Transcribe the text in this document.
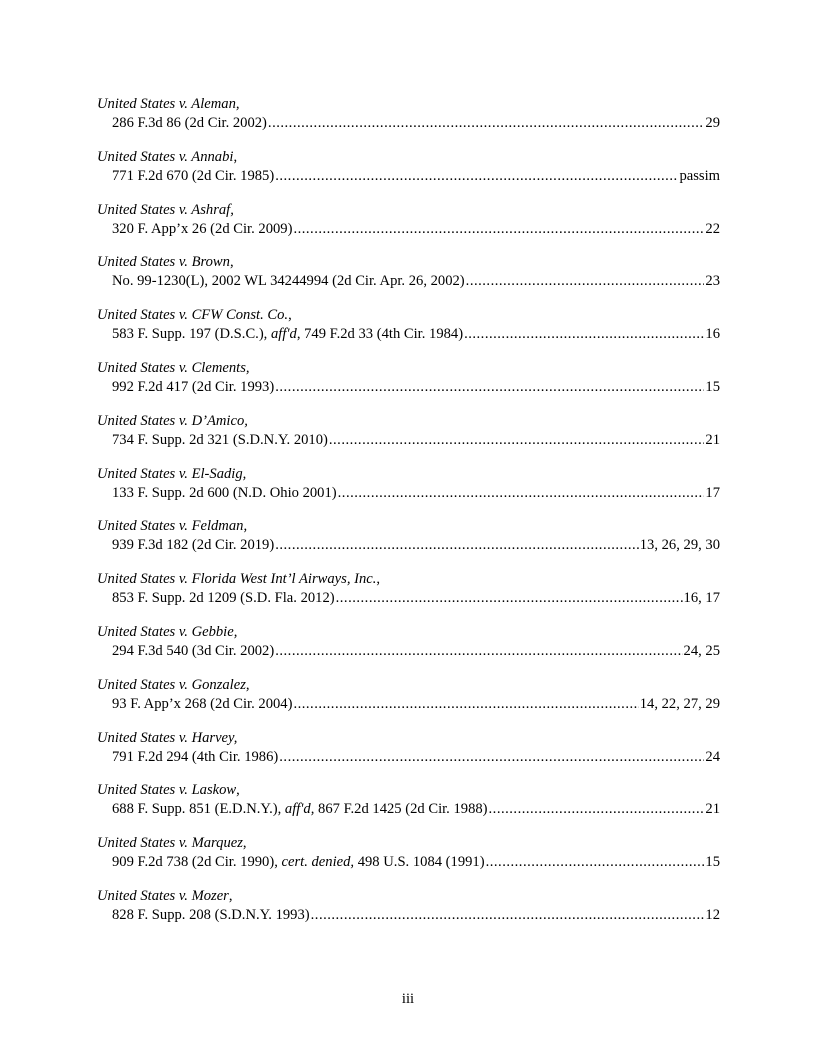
United States v. Aleman,
286 F.3d 86 (2d Cir. 2002) .....	29
United States v. Annabi,
771 F.2d 670 (2d Cir. 1985) .....	passim
United States v. Ashraf,
320 F. App’x 26 (2d Cir. 2009) .....	22
United States v. Brown,
No. 99-1230(L), 2002 WL 34244994 (2d Cir. Apr. 26, 2002) .....	23
United States v. CFW Const. Co.,
583 F. Supp. 197 (D.S.C.), aff'd, 749 F.2d 33 (4th Cir. 1984) .....	16
United States v. Clements,
992 F.2d 417 (2d Cir. 1993) .....	15
United States v. D’Amico,
734 F. Supp. 2d 321 (S.D.N.Y. 2010) .....	21
United States v. El-Sadig,
133 F. Supp. 2d 600 (N.D. Ohio 2001) .....	17
United States v. Feldman,
939 F.3d 182 (2d Cir. 2019) .....	13, 26, 29, 30
United States v. Florida West Int’l Airways, Inc.,
853 F. Supp. 2d 1209 (S.D. Fla. 2012) .....	16, 17
United States v. Gebbie,
294 F.3d 540 (3d Cir. 2002) .....	24, 25
United States v. Gonzalez,
93 F. App’x 268 (2d Cir. 2004) .....	14, 22, 27, 29
United States v. Harvey,
791 F.2d 294 (4th Cir. 1986) .....	24
United States v. Laskow,
688 F. Supp. 851 (E.D.N.Y.), aff'd, 867 F.2d 1425 (2d Cir. 1988) .....	21
United States v. Marquez,
909 F.2d 738 (2d Cir. 1990), cert. denied, 498 U.S. 1084 (1991) .....	15
United States v. Mozer,
828 F. Supp. 208 (S.D.N.Y. 1993) .....	12
iii
